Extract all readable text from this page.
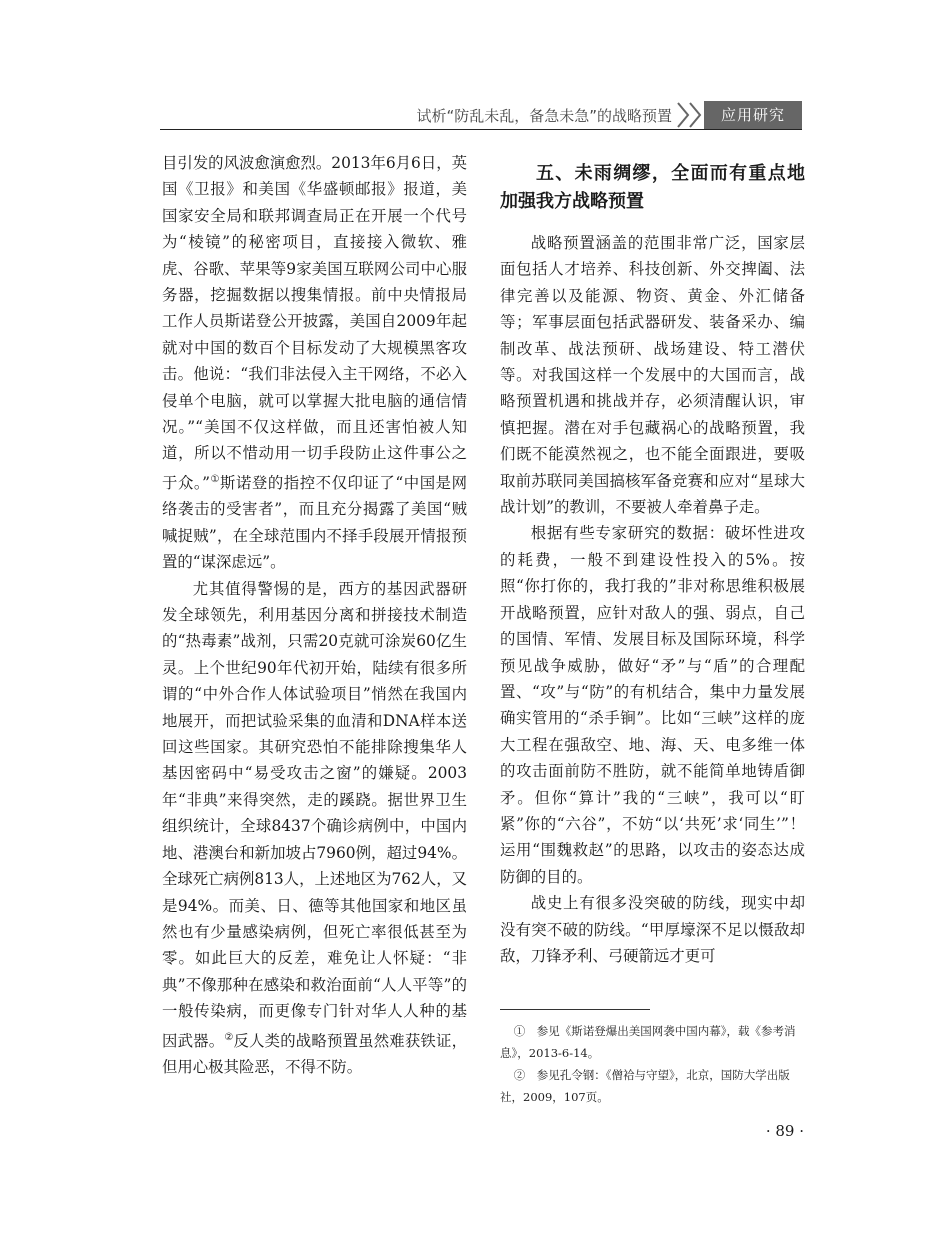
试析“防乱未乱，备急未急”的战略预置	应用研究

目引发的风波愈演愈烈。2013年6月6日，英国《卫报》和美国《华盛顿邮报》报道，美国家安全局和联邦调查局正在开展一个代号为“棱镜”的秘密项目，直接接入微软、雅虎、谷歌、苹果等9家美国互联网公司中心服务器，挖掘数据以搜集情报。前中央情报局工作人员斯诺登公开披露，美国自2009年起就对中国的数百个目标发动了大规模黑客攻击。他说：“我们非法侵入主干网络，不必入侵单个电脑，就可以掌握大批电脑的通信情况。”“美国不仅这样做，而且还害怕被人知道，所以不惜动用一切手段防止这件事公之于众。”①斯诺登的指控不仅印证了“中国是网络袭击的受害者”，而且充分揭露了美国“贼喊捉贼”，在全球范围内不择手段展开情报预置的“谋深虑远”。

尤其值得警惕的是，西方的基因武器研发全球领先，利用基因分离和拼接技术制造的“热毒素”战剂，只需20克就可涂炭60亿生灵。上个世纪90年代初开始，陆续有很多所谓的“中外合作人体试验项目”悄然在我国内地展开，而把试验采集的血清和DNA样本送回这些国家。其研究恐怕不能排除搜集华人基因密码中“易受攻击之窗”的嫌疑。2003年“非典”来得突然，走的蹊跷。据世界卫生组织统计，全球8437个确诊病例中，中国内地、港澳台和新加坡占7960例，超过94%。全球死亡病例813人，上述地区为762人，又是94%。而美、日、德等其他国家和地区虽然也有少量感染病例，但死亡率很低甚至为零。如此巨大的反差，难免让人怀疑：“非典”不像那种在感染和救治面前“人人平等”的一般传染病，而更像专门针对华人人种的基因武器。②反人类的战略预置虽然难获铁证，但用心极其险恶，不得不防。

五、未雨绸缪，全面而有重点地加强我方战略预置

战略预置涵盖的范围非常广泛，国家层面包括人才培养、科技创新、外交捭阖、法律完善以及能源、物资、黄金、外汇储备等；军事层面包括武器研发、装备采办、编制改革、战法预研、战场建设、特工潜伏等。对我国这样一个发展中的大国而言，战略预置机遇和挑战并存，必须清醒认识，审慎把握。潜在对手包藏祸心的战略预置，我们既不能漠然视之，也不能全面跟进，要吸取前苏联同美国搞核军备竞赛和应对“星球大战计划”的教训，不要被人牵着鼻子走。

根据有些专家研究的数据：破坏性进攻的耗费，一般不到建设性投入的5%。按照“你打你的，我打我的”非对称思维积极展开战略预置，应针对敌人的强、弱点，自己的国情、军情、发展目标及国际环境，科学预见战争威胁，做好“矛”与“盾”的合理配置、“攻”与“防”的有机结合，集中力量发展确实管用的“杀手锏”。比如“三峡”这样的庞大工程在强敌空、地、海、天、电多维一体的攻击面前防不胜防，就不能简单地铸盾御矛。但你“算计”我的“三峡”，我可以“盯紧”你的“六谷”，不妨“以‘共死’求‘同生’”！运用“围魏救赵”的思路，以攻击的姿态达成防御的目的。

战史上有很多没突破的防线，现实中却没有突不破的防线。“甲厚壕深不足以慑敌却敌，刀锋矛利、弓硬箭远才更可

①　参见《斯诺登爆出美国网袭中国内幕》，载《参考消息》，2013-6-14。

②　参见孔令钢：《僧袷与守望》，北京，国防大学出版社，2009，107页。

· 89 ·
